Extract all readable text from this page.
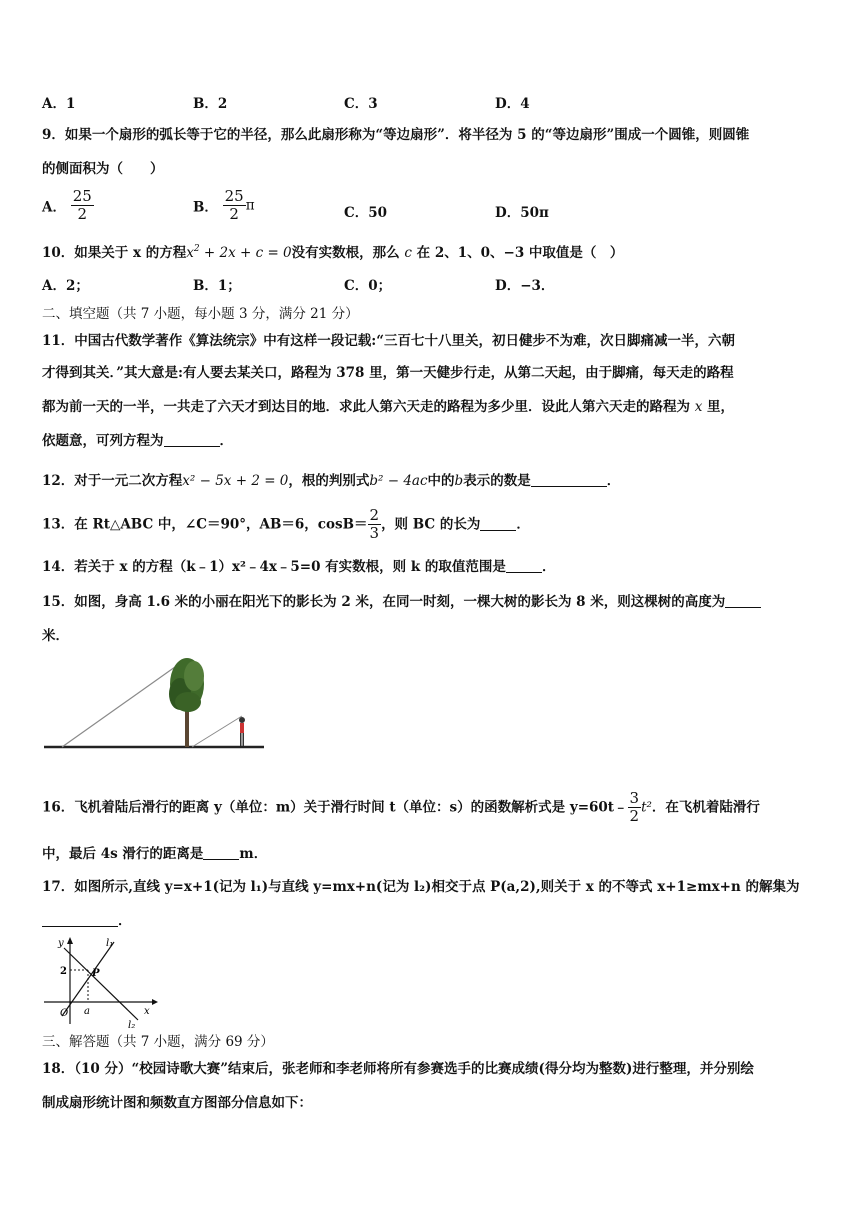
A．1	B．2	C．3	D．4
9．如果一个扇形的弧长等于它的半径，那么此扇形称为“等边扇形”．将半径为 5 的“等边扇形”围成一个圆锥，则圆锥
的侧面积为（　　）
A． $\frac{25}{2}$	B． $\frac{25}{2}$ π	C．50	D．50π
10．如果关于 x 的方程$x^2 + 2x + c = 0$没有实数根，那么 c 在 2、1、0、−3 中取值是（　）
A．2；	B．1；	C．0；	D．−3．
二、填空题（共 7 小题，每小题 3 分，满分 21 分）
11．中国古代数学著作《算法统宗》中有这样一段记载:“三百七十八里关，初日健步不为难，次日脚痛减一半，六朝
才得到其关．”其大意是:有人要去某关口，路程为 378 里，第一天健步行走，从第二天起，由于脚痛，每天走的路程
都为前一天的一半，一共走了六天才到达目的地．求此人第六天走的路程为多少里．设此人第六天走的路程为 x 里，
依题意，可列方程为	．
12．对于一元二次方程x² − 5x + 2 = 0，根的判别式b² − 4ac中的b表示的数是	．
13．在 Rt△ABC 中，∠C＝90°，AB＝6，$\cos B= \frac{2}{3}$ ，则 BC 的长为	．
14．若关于 x 的方程（k﹣1）x²﹣4x﹣5=0 有实数根，则 k 的取值范围是	．
15．如图，身高 1.6 米的小丽在阳光下的影长为 2 米，在同一时刻，一棵大树的影长为 8 米，则这棵树的高度为
米．
16．飞机着陆后滑行的距离 y（单位：m）关于滑行时间 t（单位：s）的函数解析式是 y=60t﹣ $\frac{3}{2} t^2$．在飞机着陆滑行
中，最后 4s 滑行的距离是	m．
17．如图所示,直线 y=x+1(记为 l₁)与直线 y=mx+n(记为 l₂)相交于点 P(a,2),则关于 x 的不等式 x+1≥mx+n 的解集为
．
y
x
O a
2	P
l₁
l₂
三、解答题（共 7 小题，满分 69 分）
18．（10 分）“校园诗歌大赛”结束后，张老师和李老师将所有参赛选手的比赛成绩(得分均为整数)进行整理，并分别绘
制成扇形统计图和频数直方图部分信息如下：
